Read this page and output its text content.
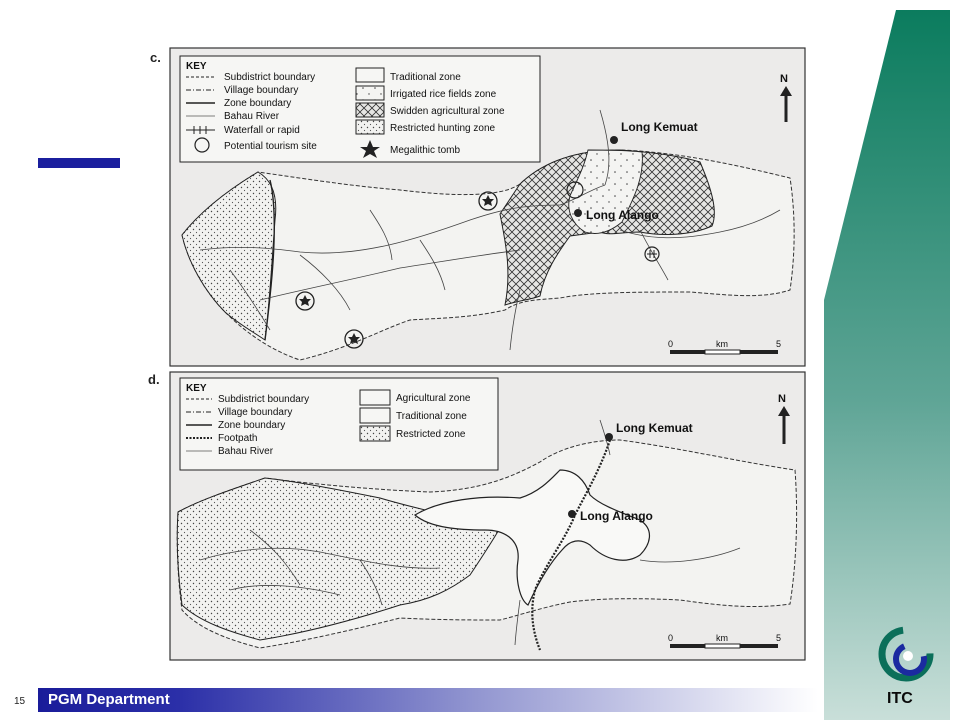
c.
KEY
Subdistrict boundary
Village boundary
Zone boundary
Bahau River
Waterfall or rapid
Potential tourism site
Traditional zone
Irrigated rice fields zone
Swidden agricultural zone
Restricted hunting zone
Megalithic tomb
Long Kemuat
Long Alango
N
0	km	5
d.
KEY
Subdistrict boundary
Village boundary
Zone boundary
Footpath
Bahau River
Agricultural zone
Traditional zone
Restricted zone	Long Kemuat
Long Alango
N
0	km	5
ITC
PGM Department
15
